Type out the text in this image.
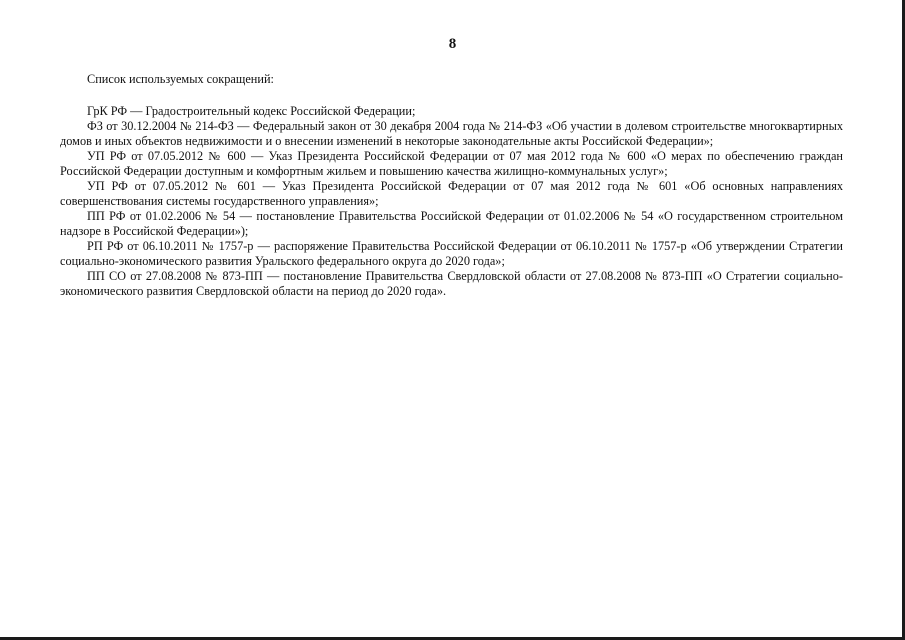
8

Список используемых сокращений:

ГрК РФ — Градостроительный кодекс Российской Федерации;

ФЗ от 30.12.2004 № 214-ФЗ — Федеральный закон от 30 декабря 2004 года № 214-ФЗ «Об участии в долевом строительстве многоквартирных домов и иных объектов недвижимости и о внесении изменений в некоторые законодательные акты Российской Федерации»;

УП РФ от 07.05.2012 № 600 — Указ Президента Российской Федерации от 07 мая 2012 года № 600 «О мерах по обеспечению граждан Российской Федерации доступным и комфортным жильем и повышению качества жилищно-коммунальных услуг»;

УП РФ от 07.05.2012 № 601 — Указ Президента Российской Федерации от 07 мая 2012 года № 601 «Об основных направлениях совершенствования системы государственного управления»;

ПП РФ от 01.02.2006 № 54 — постановление Правительства Российской Федерации от 01.02.2006 № 54 «О государственном строительном надзоре в Российской Федерации»);

РП РФ от 06.10.2011 № 1757-р — распоряжение Правительства Российской Федерации от 06.10.2011 № 1757-р «Об утверждении Стратегии социально-экономического развития Уральского федерального округа до 2020 года»;

ПП СО от 27.08.2008 № 873-ПП — постановление Правительства Свердловской области от 27.08.2008 № 873-ПП «О Стратегии социально-экономического развития Свердловской области на период до 2020 года».
